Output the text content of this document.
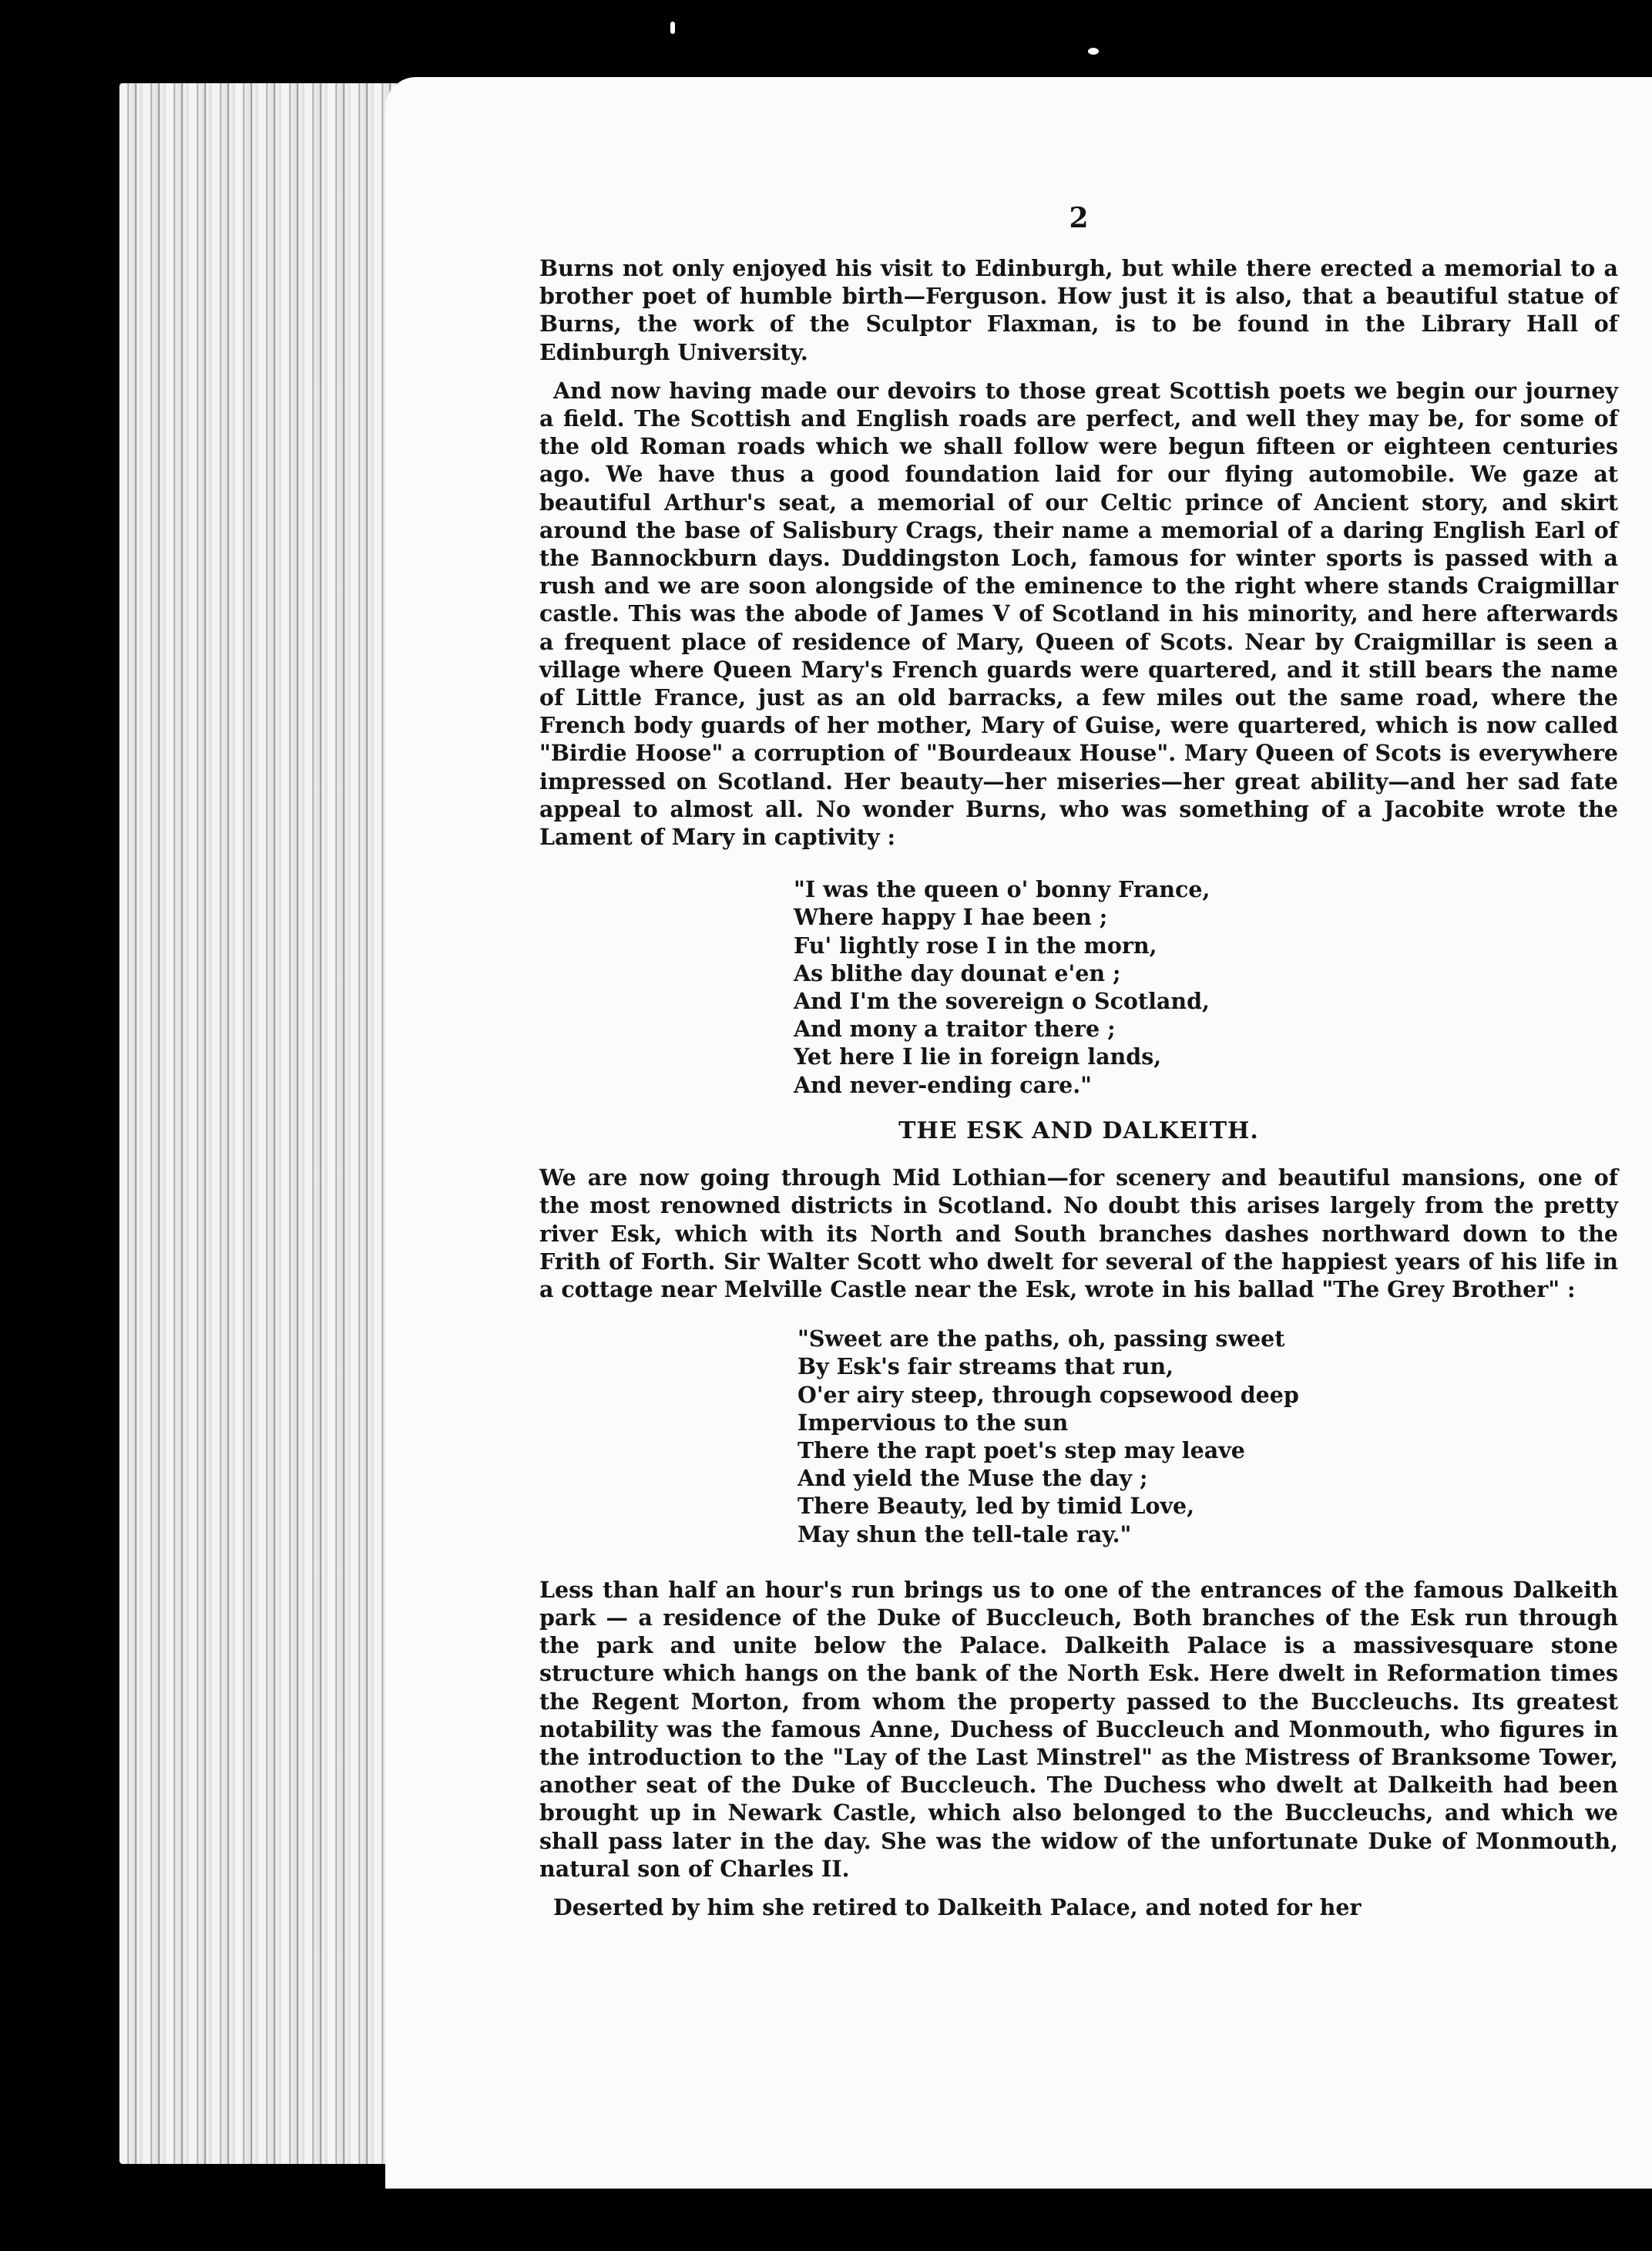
2

Burns not only enjoyed his visit to Edinburgh, but while there erected a memorial to a brother poet of humble birth—Ferguson. How just it is also, that a beautiful statue of Burns, the work of the Sculptor Flaxman, is to be found in the Library Hall of Edinburgh University.

And now having made our devoirs to those great Scottish poets we begin our journey a field. The Scottish and English roads are perfect, and well they may be, for some of the old Roman roads which we shall follow were begun fifteen or eighteen centuries ago. We have thus a good foundation laid for our flying automobile. We gaze at beautiful Arthur's seat, a memorial of our Celtic prince of Ancient story, and skirt around the base of Salisbury Crags, their name a memorial of a daring English Earl of the Bannockburn days. Duddingston Loch, famous for winter sports is passed with a rush and we are soon alongside of the eminence to the right where stands Craigmillar castle. This was the abode of James V of Scotland in his minority, and here afterwards a frequent place of residence of Mary, Queen of Scots. Near by Craigmillar is seen a village where Queen Mary's French guards were quartered, and it still bears the name of Little France, just as an old barracks, a few miles out the same road, where the French body guards of her mother, Mary of Guise, were quartered, which is now called "Birdie Hoose" a corruption of "Bourdeaux House". Mary Queen of Scots is everywhere impressed on Scotland. Her beauty—her miseries—her great ability—and her sad fate appeal to almost all. No wonder Burns, who was something of a Jacobite wrote the Lament of Mary in captivity :

"I was the queen o' bonny France,
Where happy I hae been ;
Fu' lightly rose I in the morn,
As blithe day dounat e'en ;
And I'm the sovereign o Scotland,
And mony a traitor there ;
Yet here I lie in foreign lands,
And never-ending care."
THE ESK AND DALKEITH.

We are now going through Mid Lothian—for scenery and beautiful mansions, one of the most renowned districts in Scotland. No doubt this arises largely from the pretty river Esk, which with its North and South branches dashes northward down to the Frith of Forth. Sir Walter Scott who dwelt for several of the happiest years of his life in a cottage near Melville Castle near the Esk, wrote in his ballad "The Grey Brother" :

"Sweet are the paths, oh, passing sweet
By Esk's fair streams that run,
O'er airy steep, through copsewood deep
Impervious to the sun
There the rapt poet's step may leave
And yield the Muse the day ;
There Beauty, led by timid Love,
May shun the tell-tale ray."

Less than half an hour's run brings us to one of the entrances of the famous Dalkeith park — a residence of the Duke of Buccleuch, Both branches of the Esk run through the park and unite below the Palace. Dalkeith Palace is a massivesquare stone structure which hangs on the bank of the North Esk. Here dwelt in Reformation times the Regent Morton, from whom the property passed to the Buccleuchs. Its greatest notability was the famous Anne, Duchess of Buccleuch and Monmouth, who figures in the introduction to the "Lay of the Last Minstrel" as the Mistress of Branksome Tower, another seat of the Duke of Buccleuch. The Duchess who dwelt at Dalkeith had been brought up in Newark Castle, which also belonged to the Buccleuchs, and which we shall pass later in the day. She was the widow of the unfortunate Duke of Monmouth, natural son of Charles II.

Deserted by him she retired to Dalkeith Palace, and noted for her
